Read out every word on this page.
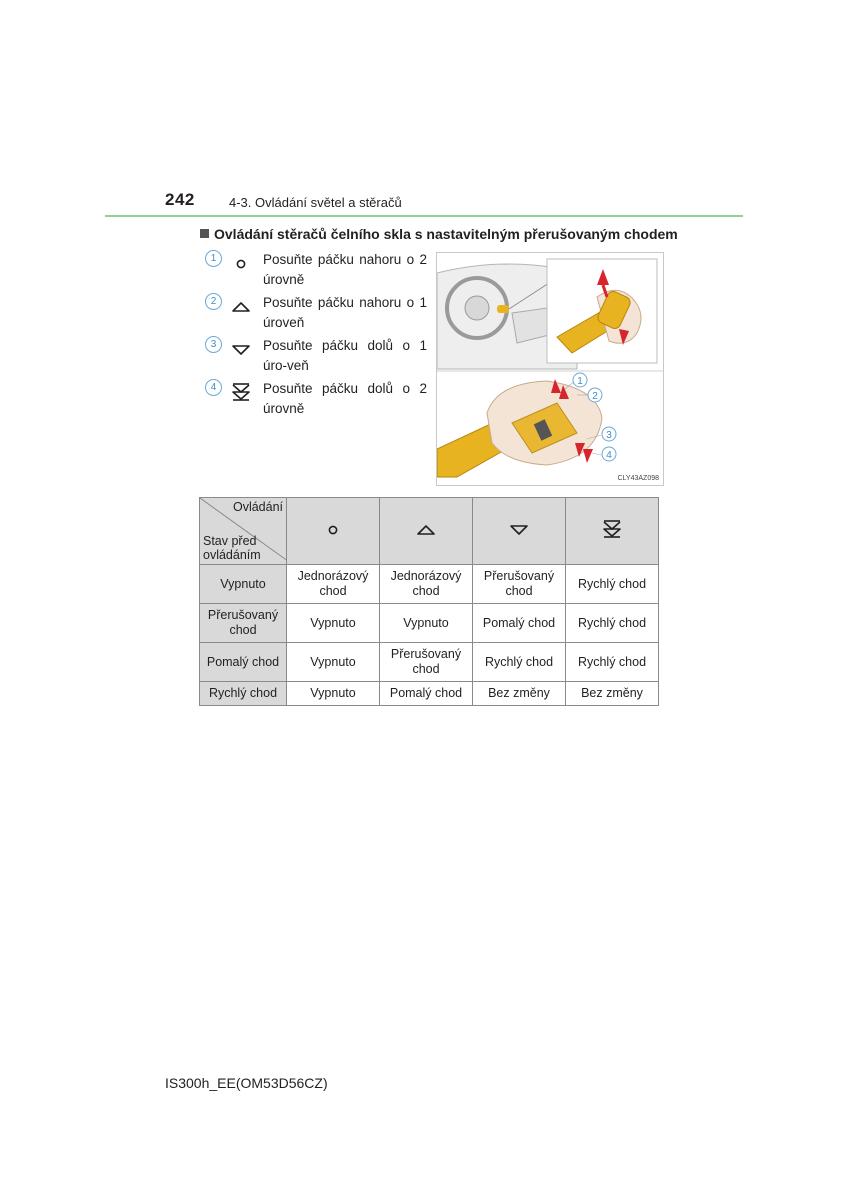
242	4-3. Ovládání světel a stěračů
Ovládání stěračů čelního skla s nastavitelným přerušovaným chodem
1	Posuňte páčku nahoru o 2 úrovně
2	Posuňte páčku nahoru o 1 úroveň
3	Posuňte páčku dolů o 1 úro-veň
4	Posuňte páčku dolů o 2 úrovně
1
2
3
4
CLY43AZ098
Ovládání
Stav před ovládáním

Vypnuto	Jednorázový chod	Jednorázový chod	Přerušovaný chod	Rychlý chod
Přerušovaný chod	Vypnuto	Vypnuto	Pomalý chod	Rychlý chod
Pomalý chod	Vypnuto	Přerušovaný chod	Rychlý chod	Rychlý chod
Rychlý chod	Vypnuto	Pomalý chod	Bez změny	Bez změny
IS300h_EE(OM53D56CZ)
